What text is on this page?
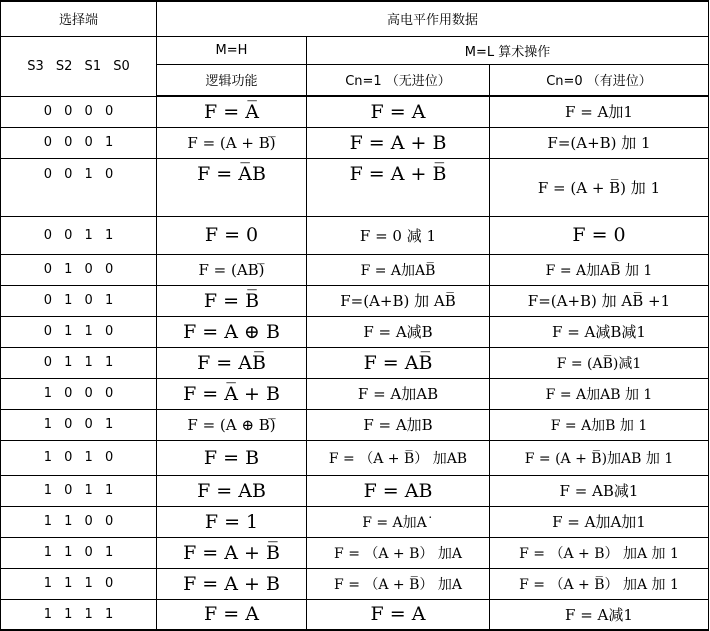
选择端	高电平作用数据		
S3 S2 S1 S0	M=H	M=L 算术操作	
	逻辑功能	Cn=1 （无进位）	Cn=0 （有进位）
0 0 0 0	F = A̅	F = A	F = A加1
0 0 0 1	F = (A + B)̅	F = A + B	F=(A+B) 加 1
0 0 1 0	F = A̅B	F = A + B̅	F = (A + B̅) 加 1
0 0 1 1	F = 0	F = 0 减 1	F = 0
0 1 0 0	F = (AB)̅	F = A加AB̅	F = A加AB̅ 加 1
0 1 0 1	F = B̅	F=(A+B) 加 AB̅	F=(A+B) 加 AB̅ +1
0 1 1 0	F = A ⊕ B	F = A减B	F = A减B减1
0 1 1 1	F = AB̅	F = AB̅	F = (AB̅)减1
1 0 0 0	F = A̅ + B	F = A加AB	F = A加AB 加 1
1 0 0 1	F = (A ⊕ B)̅	F = A加B	F = A加B 加 1
1 0 1 0	F = B	F = （A + B̅） 加AB	F = (A + B̅)加AB 加 1
1 0 1 1	F = AB	F = AB	F = AB减1
1 1 0 0	F = 1	F = A加A˙	F = A加A加1
1 1 0 1	F = A + B̅	F = （A + B） 加A	F = （A + B） 加A 加 1
1 1 1 0	F = A + B	F = （A + B̅） 加A	F = （A + B̅） 加A 加 1
1 1 1 1	F = A	F = A	F = A减1
